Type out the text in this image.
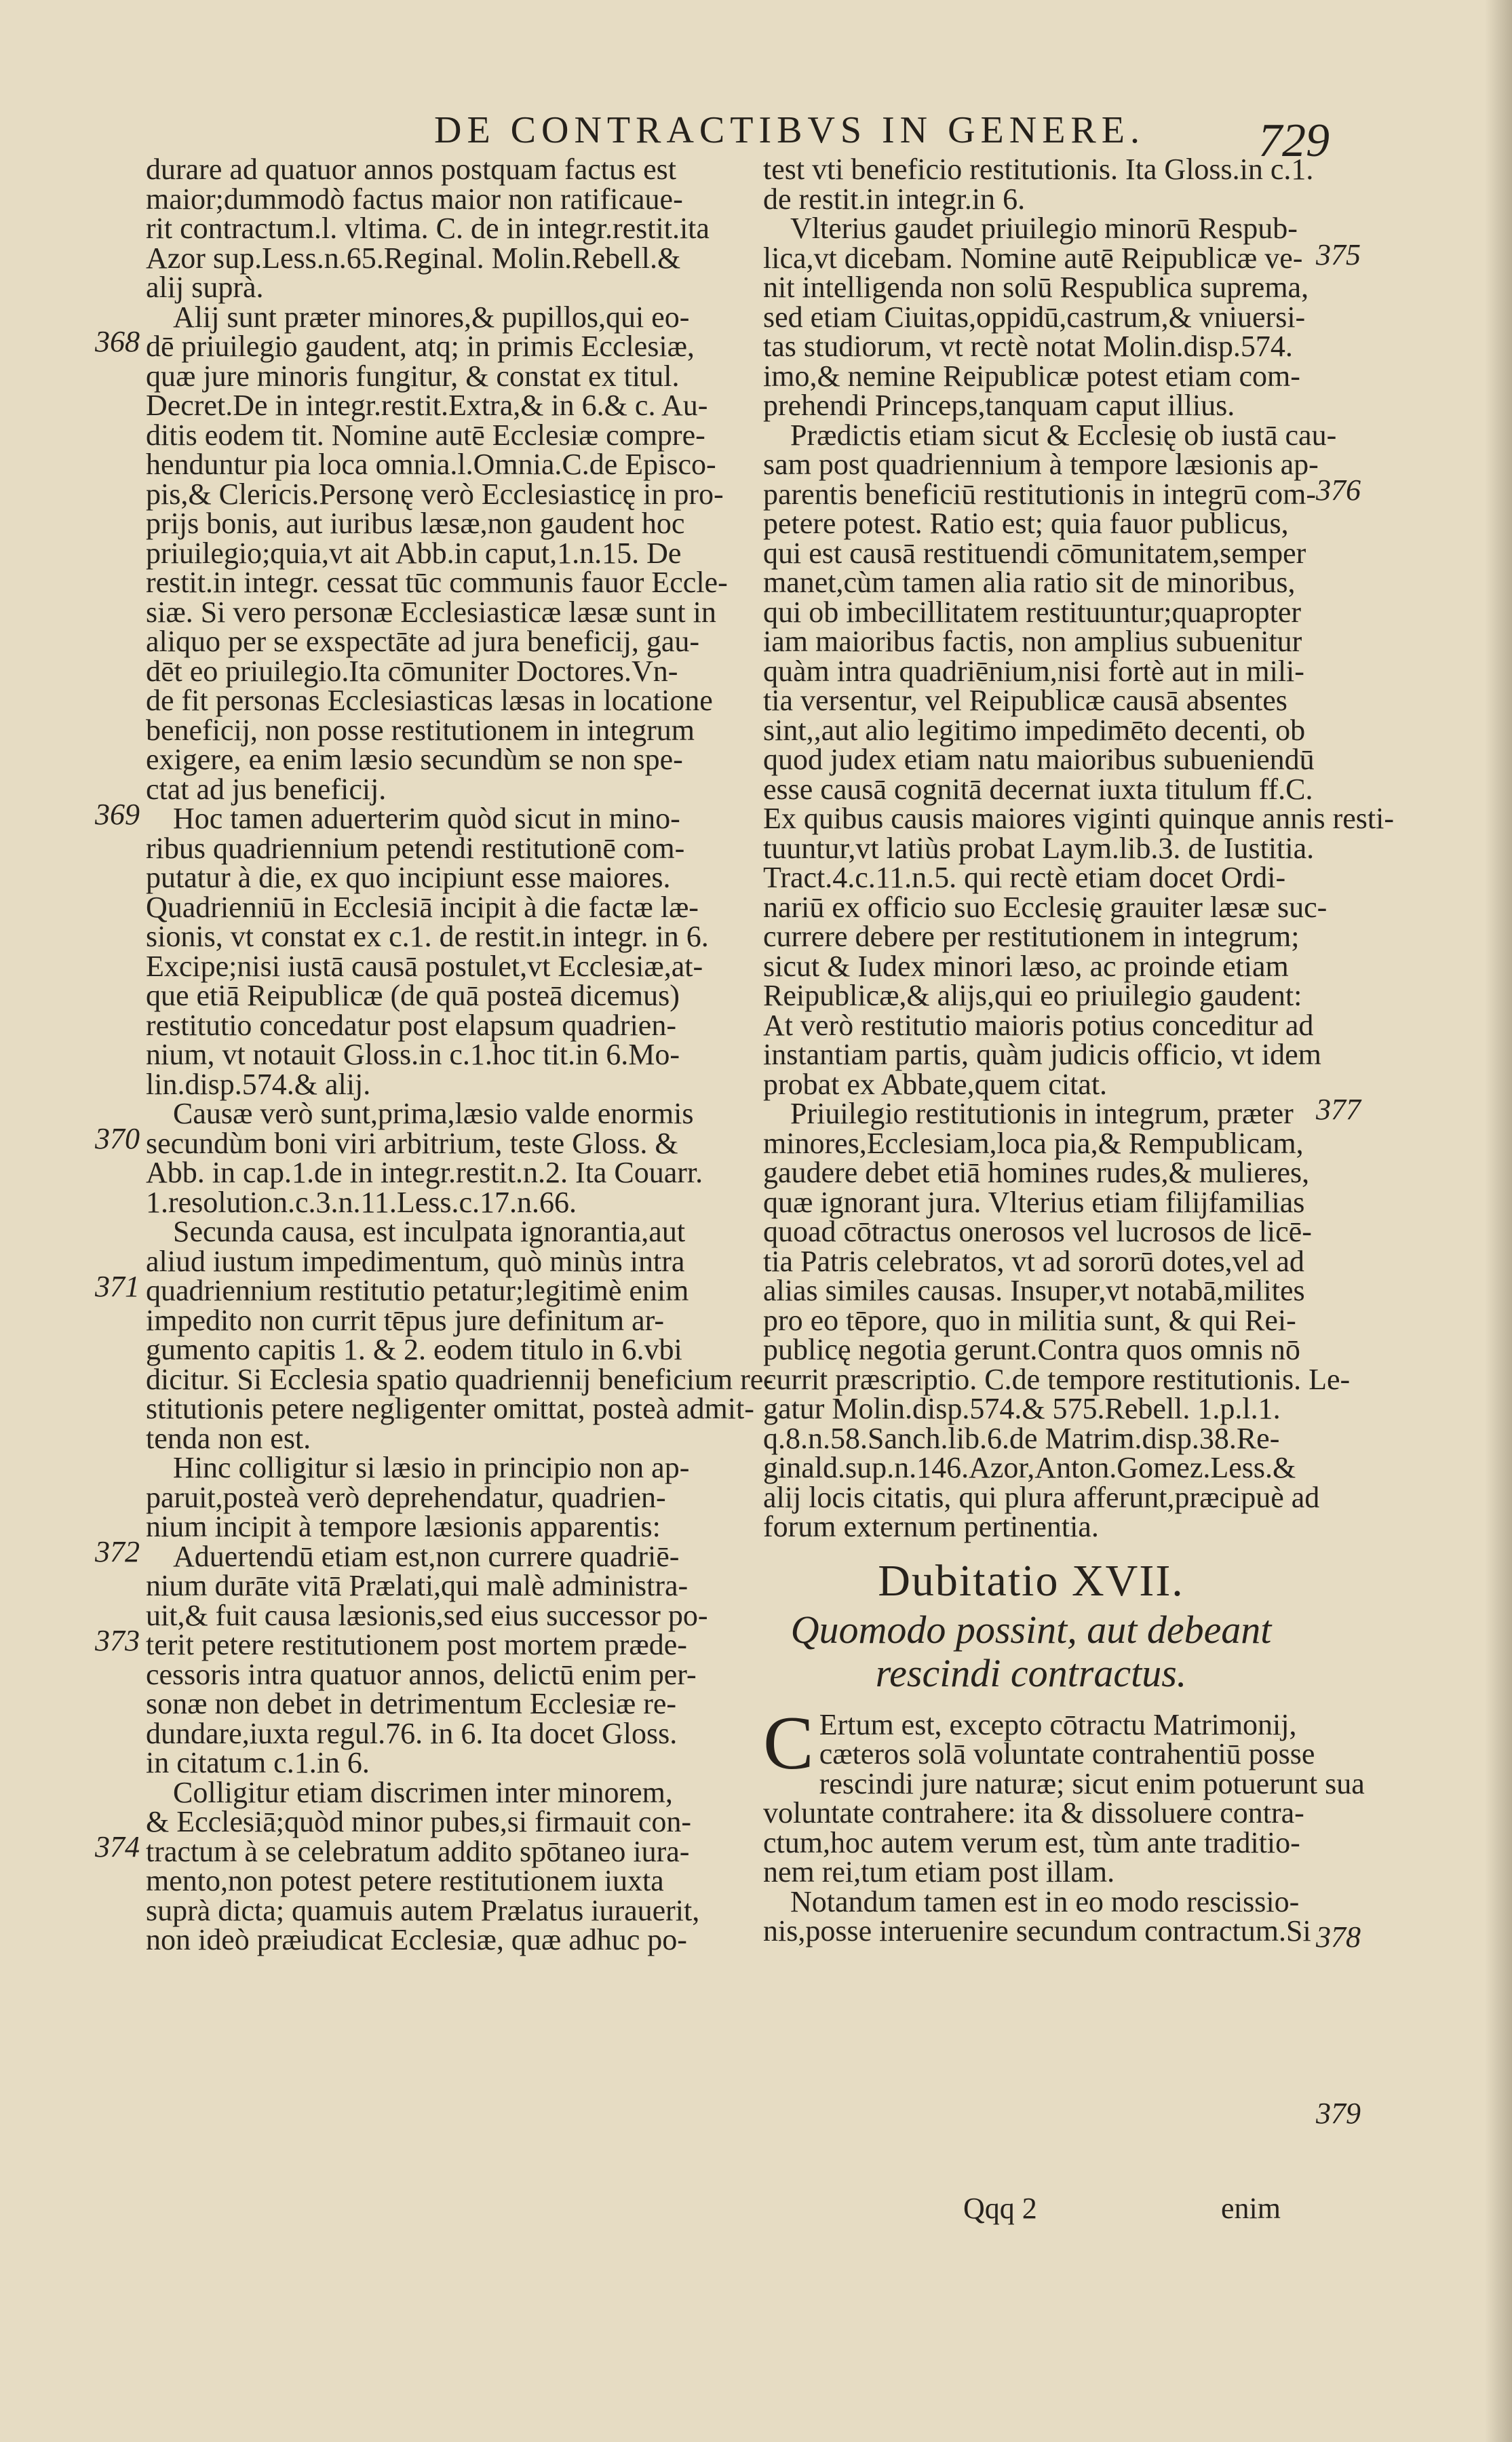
DE CONTRACTIBVS IN GENERE. 729
durare ad quatuor annos postquam factus est
maior;dummodò factus maior non ratificaue-
rit contractum.l. vltima. C. de in integr.restit.ita
Azor sup.Less.n.65.Reginal. Molin.Rebell.&
alij suprà.
Alij sunt præter minores,& pupillos,qui eo-
dē priuilegio gaudent, atq; in primis Ecclesiæ,
quæ jure minoris fungitur, & constat ex titul.
Decret.De in integr.restit.Extra,& in 6.& c. Au-
ditis eodem tit. Nomine autē Ecclesiæ compre-
henduntur pia loca omnia.l.Omnia.C.de Episco-
pis,& Clericis.Personę verò Ecclesiasticę in pro-
prijs bonis, aut iuribus læsæ,non gaudent hoc
priuilegio;quia,vt ait Abb.in caput,1.n.15. De
restit.in integr. cessat tūc communis fauor Eccle-
siæ. Si vero personæ Ecclesiasticæ læsæ sunt in
aliquo per se exspectāte ad jura beneficij, gau-
dēt eo priuilegio.Ita cōmuniter Doctores.Vn-
de fit personas Ecclesiasticas læsas in locatione
beneficij, non posse restitutionem in integrum
exigere, ea enim læsio secundùm se non spe-
ctat ad jus beneficij.
Hoc tamen aduerterim quòd sicut in mino-
ribus quadriennium petendi restitutionē com-
putatur à die, ex quo incipiunt esse maiores.
Quadrienniū in Ecclesiā incipit à die factæ læ-
sionis, vt constat ex c.1. de restit.in integr. in 6.
Excipe;nisi iustā causā postulet,vt Ecclesiæ,at-
que etiā Reipublicæ (de quā posteā dicemus)
restitutio concedatur post elapsum quadrien-
nium, vt notauit Gloss.in c.1.hoc tit.in 6.Mo-
lin.disp.574.& alij.
Causæ verò sunt,prima,læsio valde enormis
secundùm boni viri arbitrium, teste Gloss. &
Abb. in cap.1.de in integr.restit.n.2. Ita Couarr.
1.resolution.c.3.n.11.Less.c.17.n.66.
Secunda causa, est inculpata ignorantia,aut
aliud iustum impedimentum, quò minùs intra
quadriennium restitutio petatur;legitimè enim
impedito non currit tēpus jure definitum ar-
gumento capitis 1. & 2. eodem titulo in 6.vbi
dicitur. Si Ecclesia spatio quadriennij beneficium re-
stitutionis petere negligenter omittat, posteà admit-
tenda non est.
Hinc colligitur si læsio in principio non ap-
paruit,posteà verò deprehendatur, quadrien-
nium incipit à tempore læsionis apparentis:
Aduertendū etiam est,non currere quadriē-
nium durāte vitā Prælati,qui malè administra-
uit,& fuit causa læsionis,sed eius successor po-
terit petere restitutionem post mortem præde-
cessoris intra quatuor annos, delictū enim per-
sonæ non debet in detrimentum Ecclesiæ re-
dundare,iuxta regul.76. in 6. Ita docet Gloss.
in citatum c.1.in 6.
Colligitur etiam discrimen inter minorem,
& Ecclesiā;quòd minor pubes,si firmauit con-
tractum à se celebratum addito spōtaneo iura-
mento,non potest petere restitutionem iuxta
suprà dicta; quamuis autem Prælatus iurauerit,
non ideò præiudicat Ecclesiæ, quæ adhuc po-
368
369
370
371
372
373
374
test vti beneficio restitutionis. Ita Gloss.in c.1.
de restit.in integr.in 6.
Vlterius gaudet priuilegio minorū Respub-
lica,vt dicebam. Nomine autē Reipublicæ ve-
nit intelligenda non solū Respublica suprema,
sed etiam Ciuitas,oppidū,castrum,& vniuersi-
tas studiorum, vt rectè notat Molin.disp.574.
imo,& nemine Reipublicæ potest etiam com-
prehendi Princeps,tanquam caput illius.
Prædictis etiam sicut & Ecclesię ob iustā cau-
sam post quadriennium à tempore læsionis ap-
parentis beneficiū restitutionis in integrū com-
petere potest. Ratio est; quia fauor publicus,
qui est causā restituendi cōmunitatem,semper
manet,cùm tamen alia ratio sit de minoribus,
qui ob imbecillitatem restituuntur;quapropter
iam maioribus factis, non amplius subuenitur
quàm intra quadriēnium,nisi fortè aut in mili-
tia versentur, vel Reipublicæ causā absentes
sint,,aut alio legitimo impedimēto decenti, ob
quod judex etiam natu maioribus subueniendū
esse causā cognitā decernat iuxta titulum ff.C.
Ex quibus causis maiores viginti quinque annis resti-
tuuntur,vt latiùs probat Laym.lib.3. de Iustitia.
Tract.4.c.11.n.5. qui rectè etiam docet Ordi-
nariū ex officio suo Ecclesię grauiter læsæ suc-
currere debere per restitutionem in integrum;
sicut & Iudex minori læso, ac proinde etiam
Reipublicæ,& alijs,qui eo priuilegio gaudent:
At verò restitutio maioris potius conceditur ad
instantiam partis, quàm judicis officio, vt idem
probat ex Abbate,quem citat.
Priuilegio restitutionis in integrum, præter
minores,Ecclesiam,loca pia,& Rempublicam,
gaudere debet etiā homines rudes,& mulieres,
quæ ignorant jura. Vlterius etiam filijfamilias
quoad cōtractus onerosos vel lucrosos de licē-
tia Patris celebratos, vt ad sororū dotes,vel ad
alias similes causas. Insuper,vt notabā,milites
pro eo tēpore, quo in militia sunt, & qui Rei-
publicę negotia gerunt.Contra quos omnis nō
currit præscriptio. C.de tempore restitutionis. Le-
gatur Molin.disp.574.& 575.Rebell. 1.p.l.1.
q.8.n.58.Sanch.lib.6.de Matrim.disp.38.Re-
ginald.sup.n.146.Azor,Anton.Gomez.Less.&
alij locis citatis, qui plura afferunt,præcipuè ad
forum externum pertinentia.
Dubitatio XVII.
Quomodo possint, aut debeant
rescindi contractus.
C Ertum est, excepto cōtractu Matrimonij,
cæteros solā voluntate contrahentiū posse
rescindi jure naturæ; sicut enim potuerunt sua
voluntate contrahere: ita & dissoluere contra-
ctum,hoc autem verum est, tùm ante traditio-
nem rei,tum etiam post illam.
Notandum tamen est in eo modo rescissio-
nis,posse interuenire secundum contractum.Si
375
376
377
378
379
Qqq 2	enim
